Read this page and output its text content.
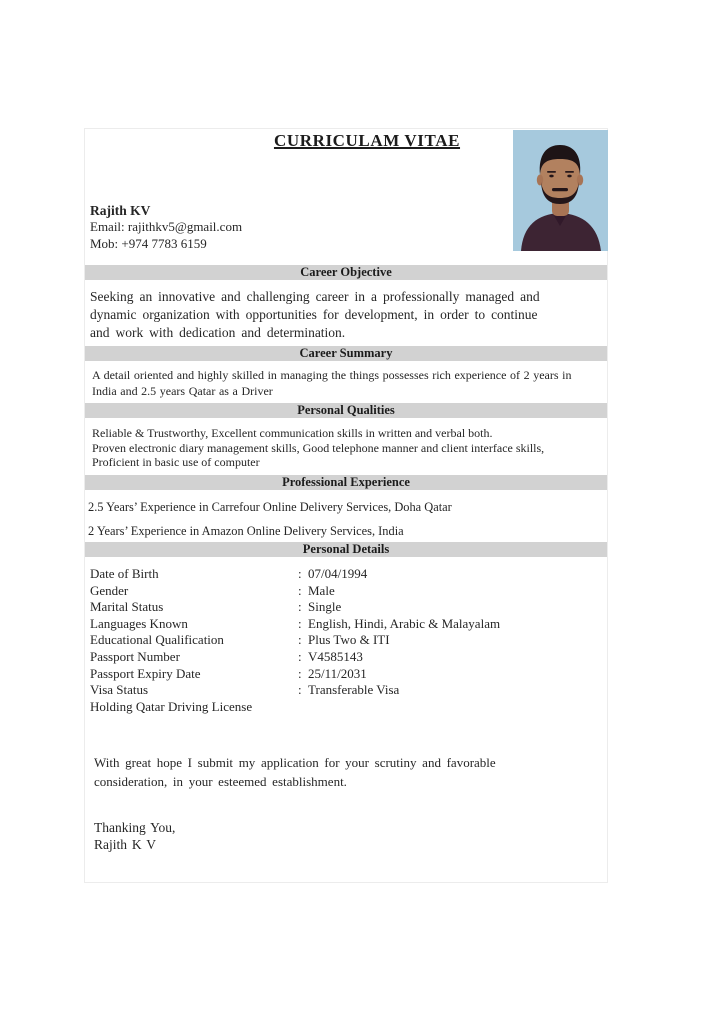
CURRICULAM VITAE
Rajith KV
Email: rajithkv5@gmail.com
Mob: +974 7783 6159
Career Objective
Seeking an innovative and challenging career in a professionally managed and
dynamic organization with opportunities for development, in order to continue
and work with dedication and determination.
Career Summary
A detail oriented and highly skilled in managing the things possesses rich experience of 2 years in
India and 2.5 years Qatar as a Driver
Personal Qualities
Reliable & Trustworthy, Excellent communication skills in written and verbal both.
Proven electronic diary management skills, Good telephone manner and client interface skills,
Proficient in basic use of computer
Professional Experience
2.5 Years’ Experience in Carrefour Online Delivery Services, Doha Qatar
2 Years’ Experience in Amazon Online Delivery Services, India
Personal Details
Date of Birth	: 07/04/1994
Gender	: Male
Marital Status	: Single
Languages Known	: English, Hindi, Arabic & Malayalam
Educational Qualification	: Plus Two & ITI
Passport Number	: V4585143
Passport Expiry Date	: 25/11/2031
Visa Status	: Transferable Visa
Holding Qatar Driving License
With great hope I submit my application for your scrutiny and favorable
consideration, in your esteemed establishment.
Thanking You,
Rajith K V
